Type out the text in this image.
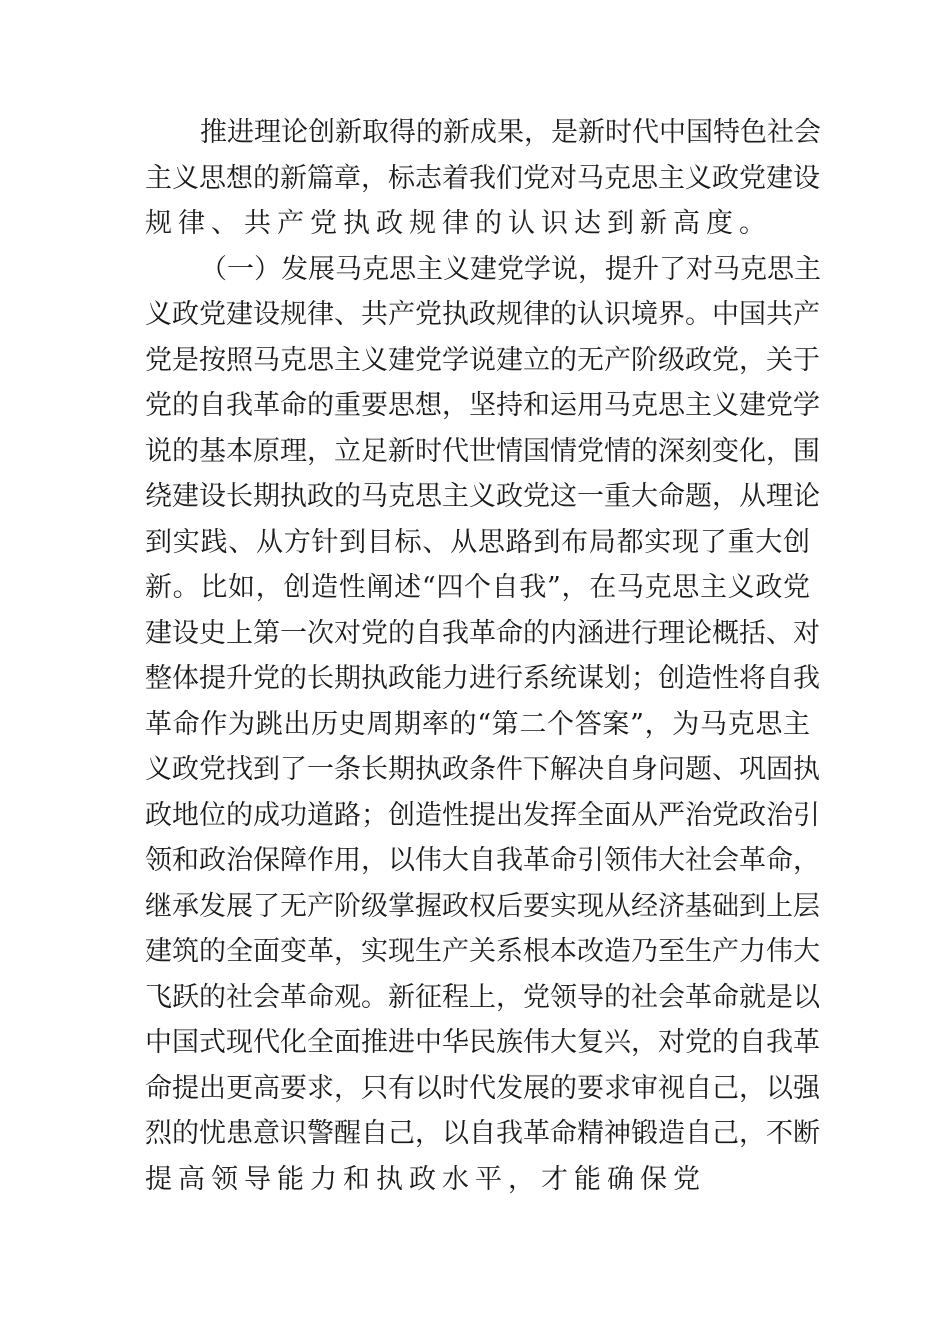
推进理论创新取得的新成果，是新时代中国特色社会
主义思想的新篇章，标志着我们党对马克思主义政党建设
规律、共产党执政规律的认识达到新高度。
（一）发展马克思主义建党学说，提升了对马克思主
义政党建设规律、共产党执政规律的认识境界。中国共产
党是按照马克思主义建党学说建立的无产阶级政党，关于
党的自我革命的重要思想，坚持和运用马克思主义建党学
说的基本原理，立足新时代世情国情党情的深刻变化，围
绕建设长期执政的马克思主义政党这一重大命题，从理论
到实践、从方针到目标、从思路到布局都实现了重大创
新。比如，创造性阐述“四个自我”，在马克思主义政党
建设史上第一次对党的自我革命的内涵进行理论概括、对
整体提升党的长期执政能力进行系统谋划；创造性将自我
革命作为跳出历史周期率的“第二个答案”，为马克思主
义政党找到了一条长期执政条件下解决自身问题、巩固执
政地位的成功道路；创造性提出发挥全面从严治党政治引
领和政治保障作用，以伟大自我革命引领伟大社会革命，
继承发展了无产阶级掌握政权后要实现从经济基础到上层
建筑的全面变革，实现生产关系根本改造乃至生产力伟大
飞跃的社会革命观。新征程上，党领导的社会革命就是以
中国式现代化全面推进中华民族伟大复兴，对党的自我革
命提出更高要求，只有以时代发展的要求审视自己，以强
烈的忧患意识警醒自己，以自我革命精神锻造自己，不断
提高领导能力和执政水平，才能确保党
